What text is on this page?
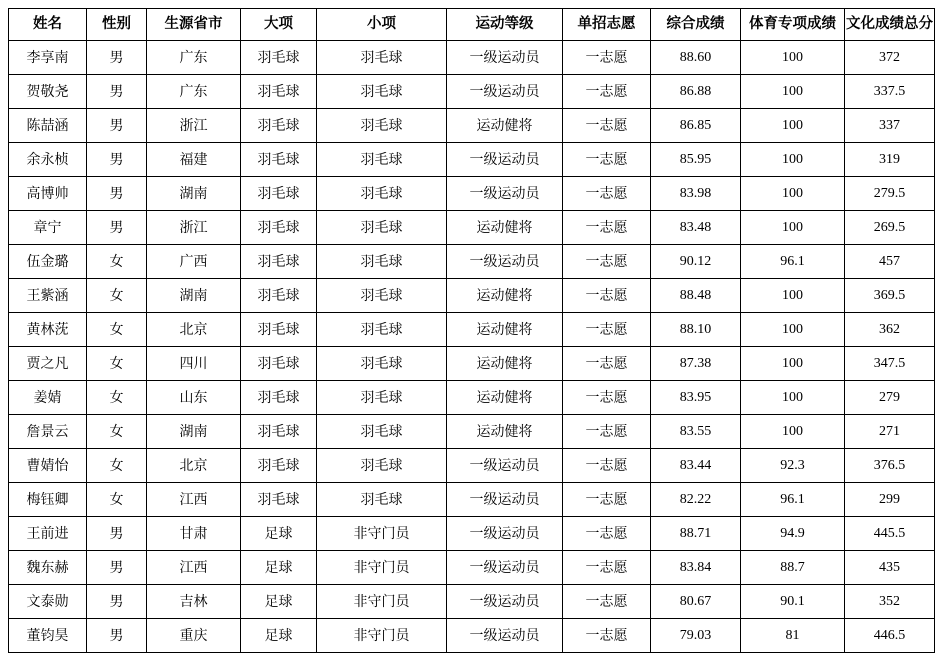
姓名	性别	生源省市	大项	小项	运动等级	单招志愿	综合成绩	体育专项成绩	文化成绩总分
李享南	男	广东	羽毛球	羽毛球	一级运动员	一志愿	88.60	100	372
贺敬尧	男	广东	羽毛球	羽毛球	一级运动员	一志愿	86.88	100	337.5
陈喆涵	男	浙江	羽毛球	羽毛球	运动健将	一志愿	86.85	100	337
余永桢	男	福建	羽毛球	羽毛球	一级运动员	一志愿	85.95	100	319
高博帅	男	湖南	羽毛球	羽毛球	一级运动员	一志愿	83.98	100	279.5
章宁	男	浙江	羽毛球	羽毛球	运动健将	一志愿	83.48	100	269.5
伍金璐	女	广西	羽毛球	羽毛球	一级运动员	一志愿	90.12	96.1	457
王紫涵	女	湖南	羽毛球	羽毛球	运动健将	一志愿	88.48	100	369.5
黄林莐	女	北京	羽毛球	羽毛球	运动健将	一志愿	88.10	100	362
贾之凡	女	四川	羽毛球	羽毛球	运动健将	一志愿	87.38	100	347.5
姜婧	女	山东	羽毛球	羽毛球	运动健将	一志愿	83.95	100	279
詹景云	女	湖南	羽毛球	羽毛球	运动健将	一志愿	83.55	100	271
曹婧怡	女	北京	羽毛球	羽毛球	一级运动员	一志愿	83.44	92.3	376.5
梅钰卿	女	江西	羽毛球	羽毛球	一级运动员	一志愿	82.22	96.1	299
王前进	男	甘肃	足球	非守门员	一级运动员	一志愿	88.71	94.9	445.5
魏东赫	男	江西	足球	非守门员	一级运动员	一志愿	83.84	88.7	435
文泰勋	男	吉林	足球	非守门员	一级运动员	一志愿	80.67	90.1	352
董钧昊	男	重庆	足球	非守门员	一级运动员	一志愿	79.03	81	446.5
